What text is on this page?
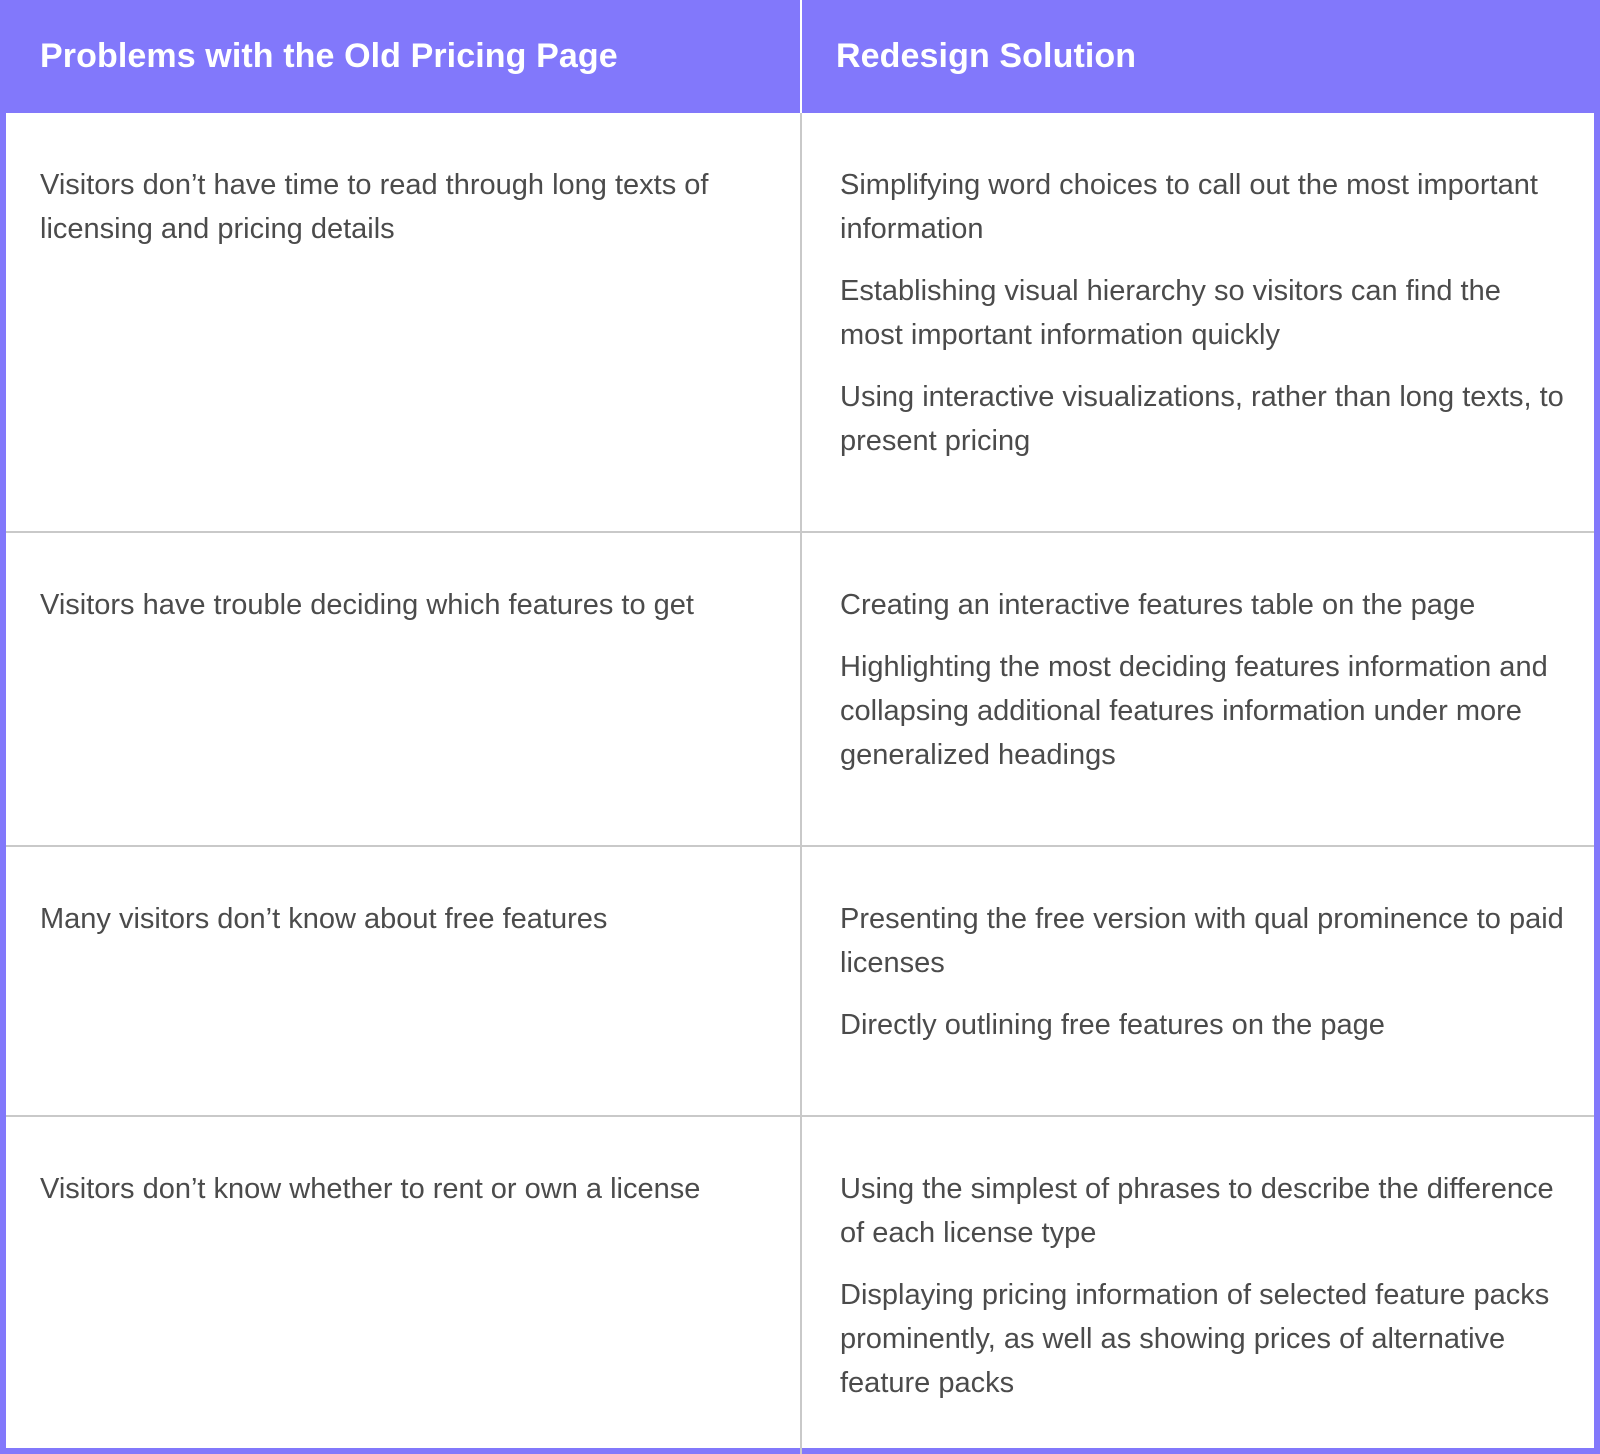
Problems with the Old Pricing Page	Redesign Solution
Visitors don’t have time to read through long texts of licensing and pricing details	Simplifying word choices to call out the most important information
Establishing visual hierarchy so visitors can find the most important information quickly
Using interactive visualizations, rather than long texts, to present pricing

Visitors have trouble deciding which features to get	Creating an interactive features table on the page
Highlighting the most deciding features information and collapsing additional features information under more generalized headings

Many visitors don’t know about free features	Presenting the free version with qual prominence to paid licenses
Directly outlining free features on the page

Visitors don’t know whether to rent or own a license	Using the simplest of phrases to describe the difference of each license type
Displaying pricing information of selected feature packs prominently, as well as showing prices of alternative feature packs
